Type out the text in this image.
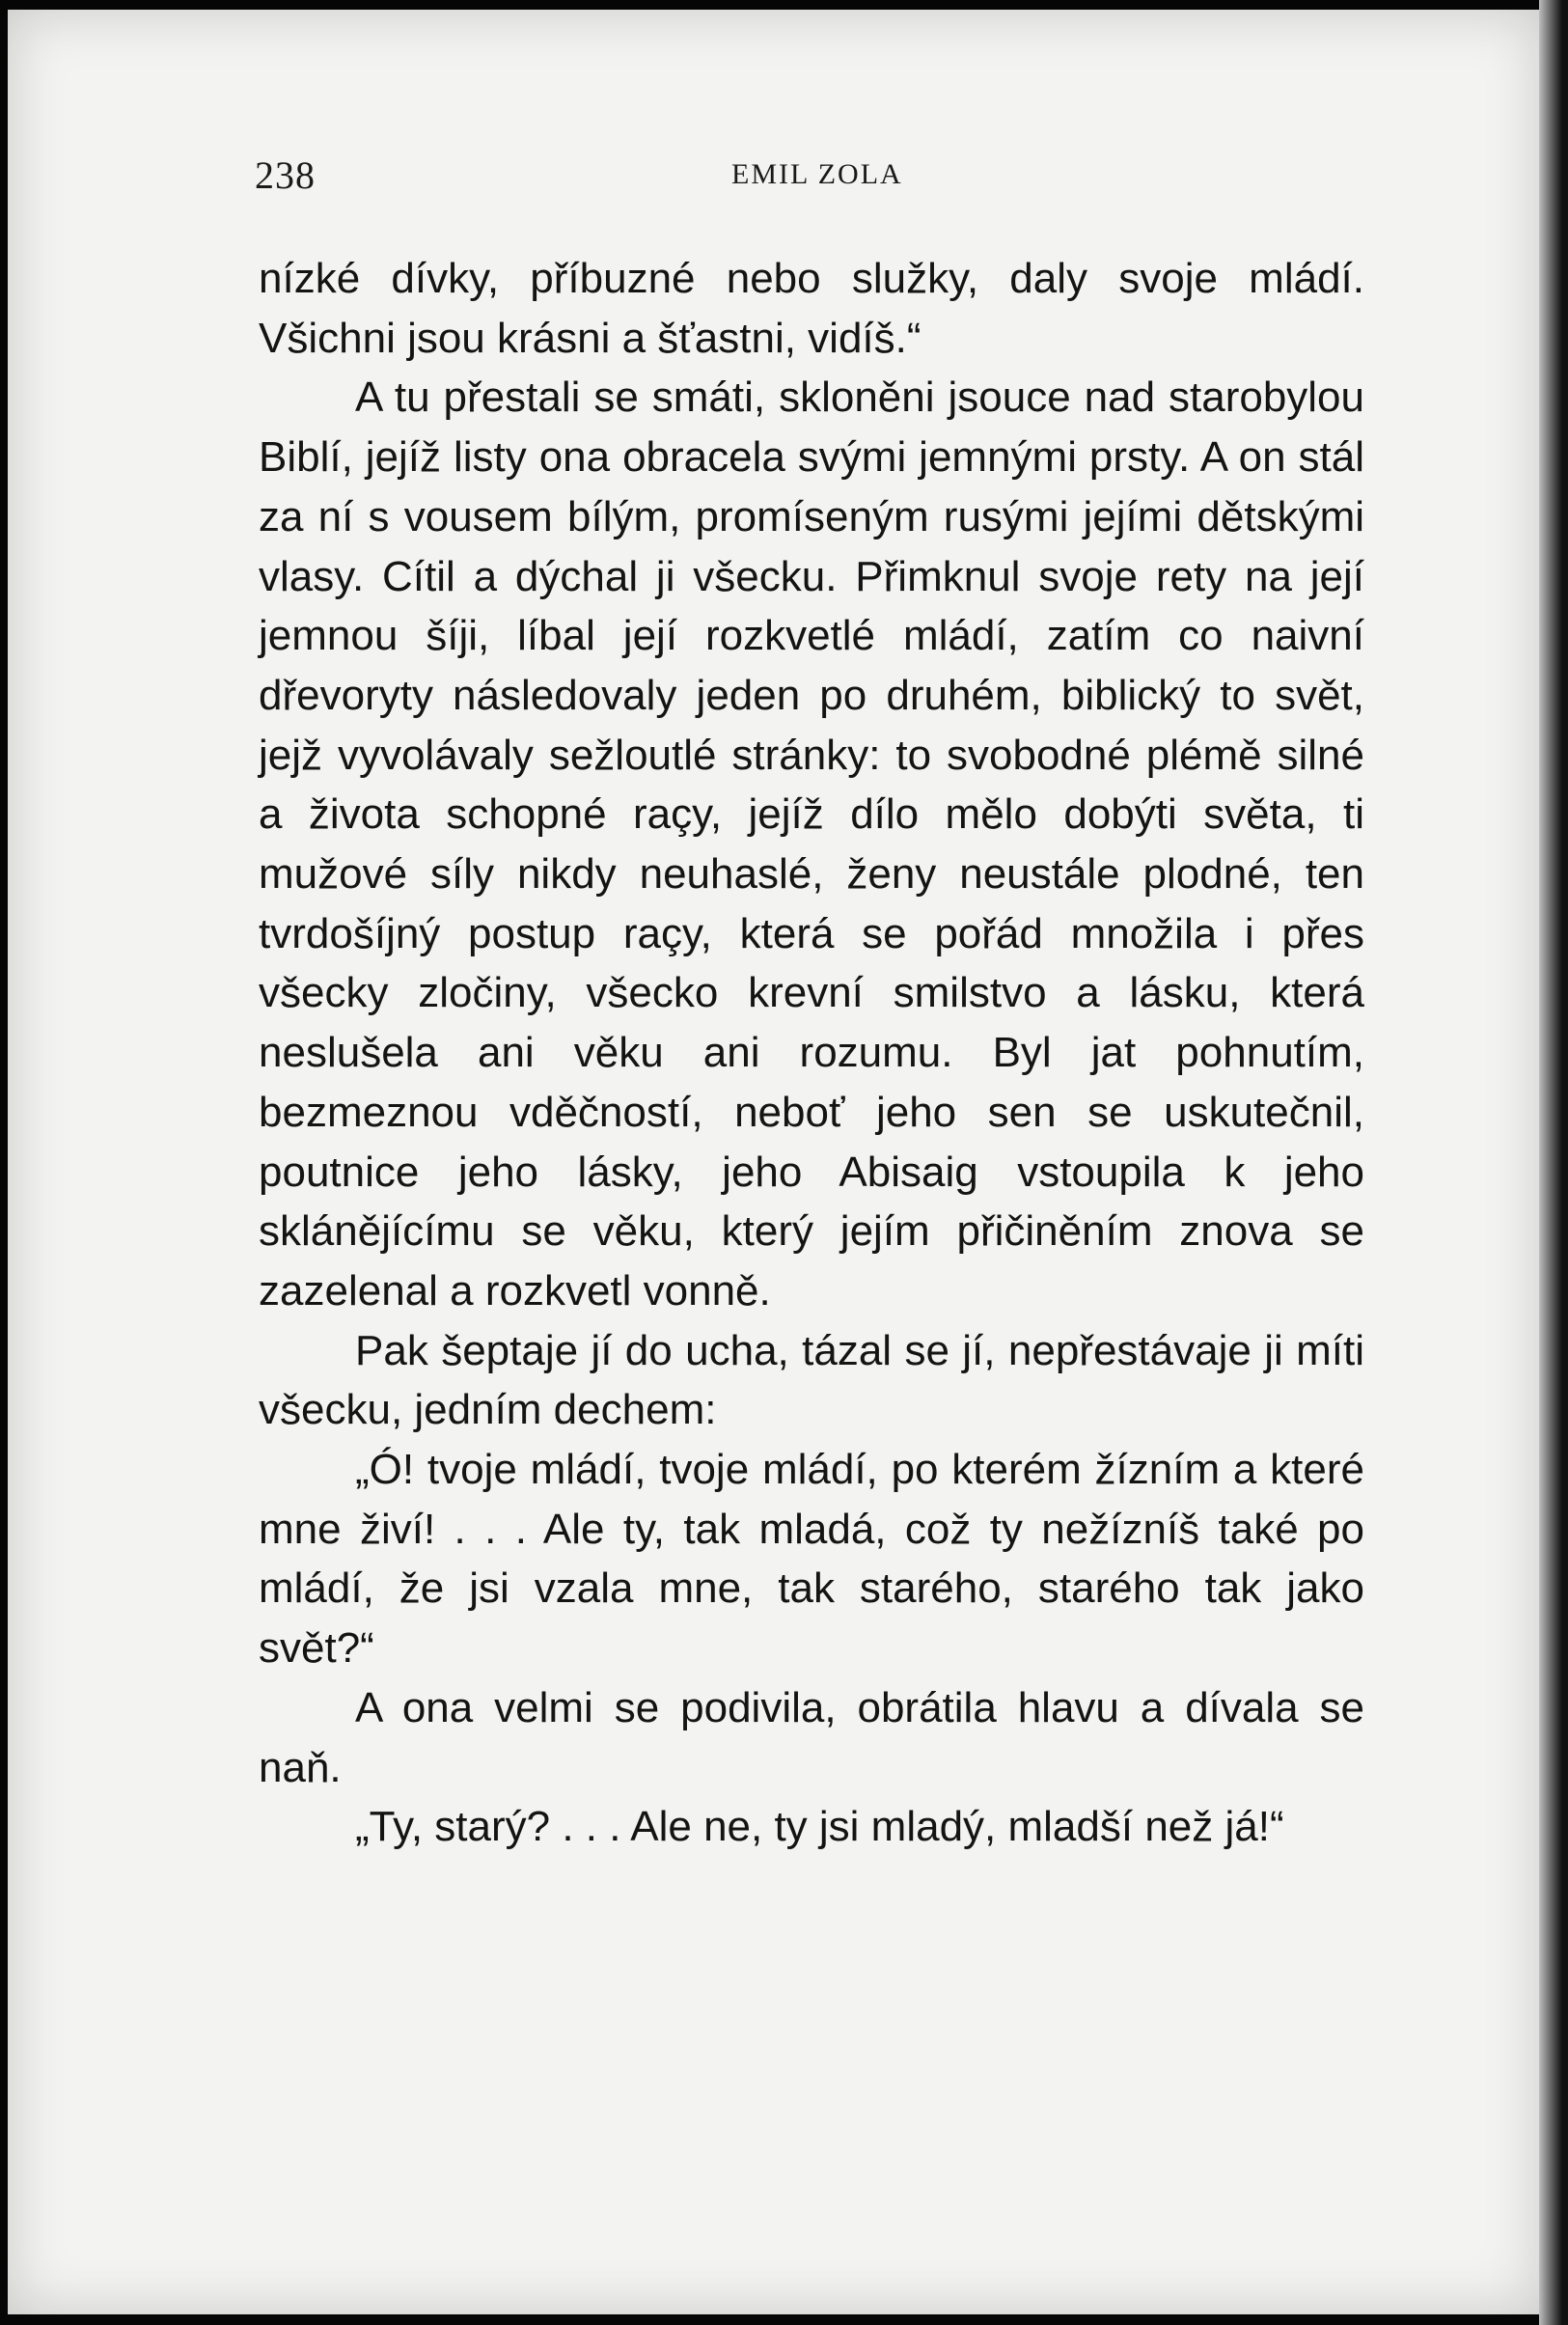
238	EMIL ZOLA

nízké dívky, příbuzné nebo služky, daly svoje mládí. Všichni jsou krásni a šťastni, vidíš.“

A tu přestali se smáti, skloněni jsouce nad starobylou Biblí, jejíž listy ona obracela svými jemnými prsty. A on stál za ní s vousem bílým, promíseným rusými jejími dětskými vlasy. Cítil a dýchal ji všecku. Přimknul svoje rety na její jemnou šíji, líbal její rozkvetlé mládí, zatím co naivní dřevoryty následovaly jeden po druhém, biblický to svět, jejž vyvolávaly sežloutlé stránky: to svobodné plémě silné a života schopné raçy, jejíž dílo mělo dobýti světa, ti mužové síly nikdy neuhaslé, ženy neustále plodné, ten tvrdošíjný postup raçy, která se pořád množila i přes všecky zločiny, všecko krevní smilstvo a lásku, která neslušela ani věku ani rozumu. Byl jat pohnutím, bezmeznou vděčností, neboť jeho sen se uskutečnil, poutnice jeho lásky, jeho Abisaig vstoupila k jeho sklánějícímu se věku, který jejím přičiněním znova se zazelenal a rozkvetl vonně.

Pak šeptaje jí do ucha, tázal se jí, nepřestávaje ji míti všecku, jedním dechem:

„Ó! tvoje mládí, tvoje mládí, po kterém žízním a které mne živí! . . . Ale ty, tak mladá, což ty nežízníš také po mládí, že jsi vzala mne, tak starého, starého tak jako svět?“

A ona velmi se podivila, obrátila hlavu a dívala se naň.

„Ty, starý? . . . Ale ne, ty jsi mladý, mladší než já!“
